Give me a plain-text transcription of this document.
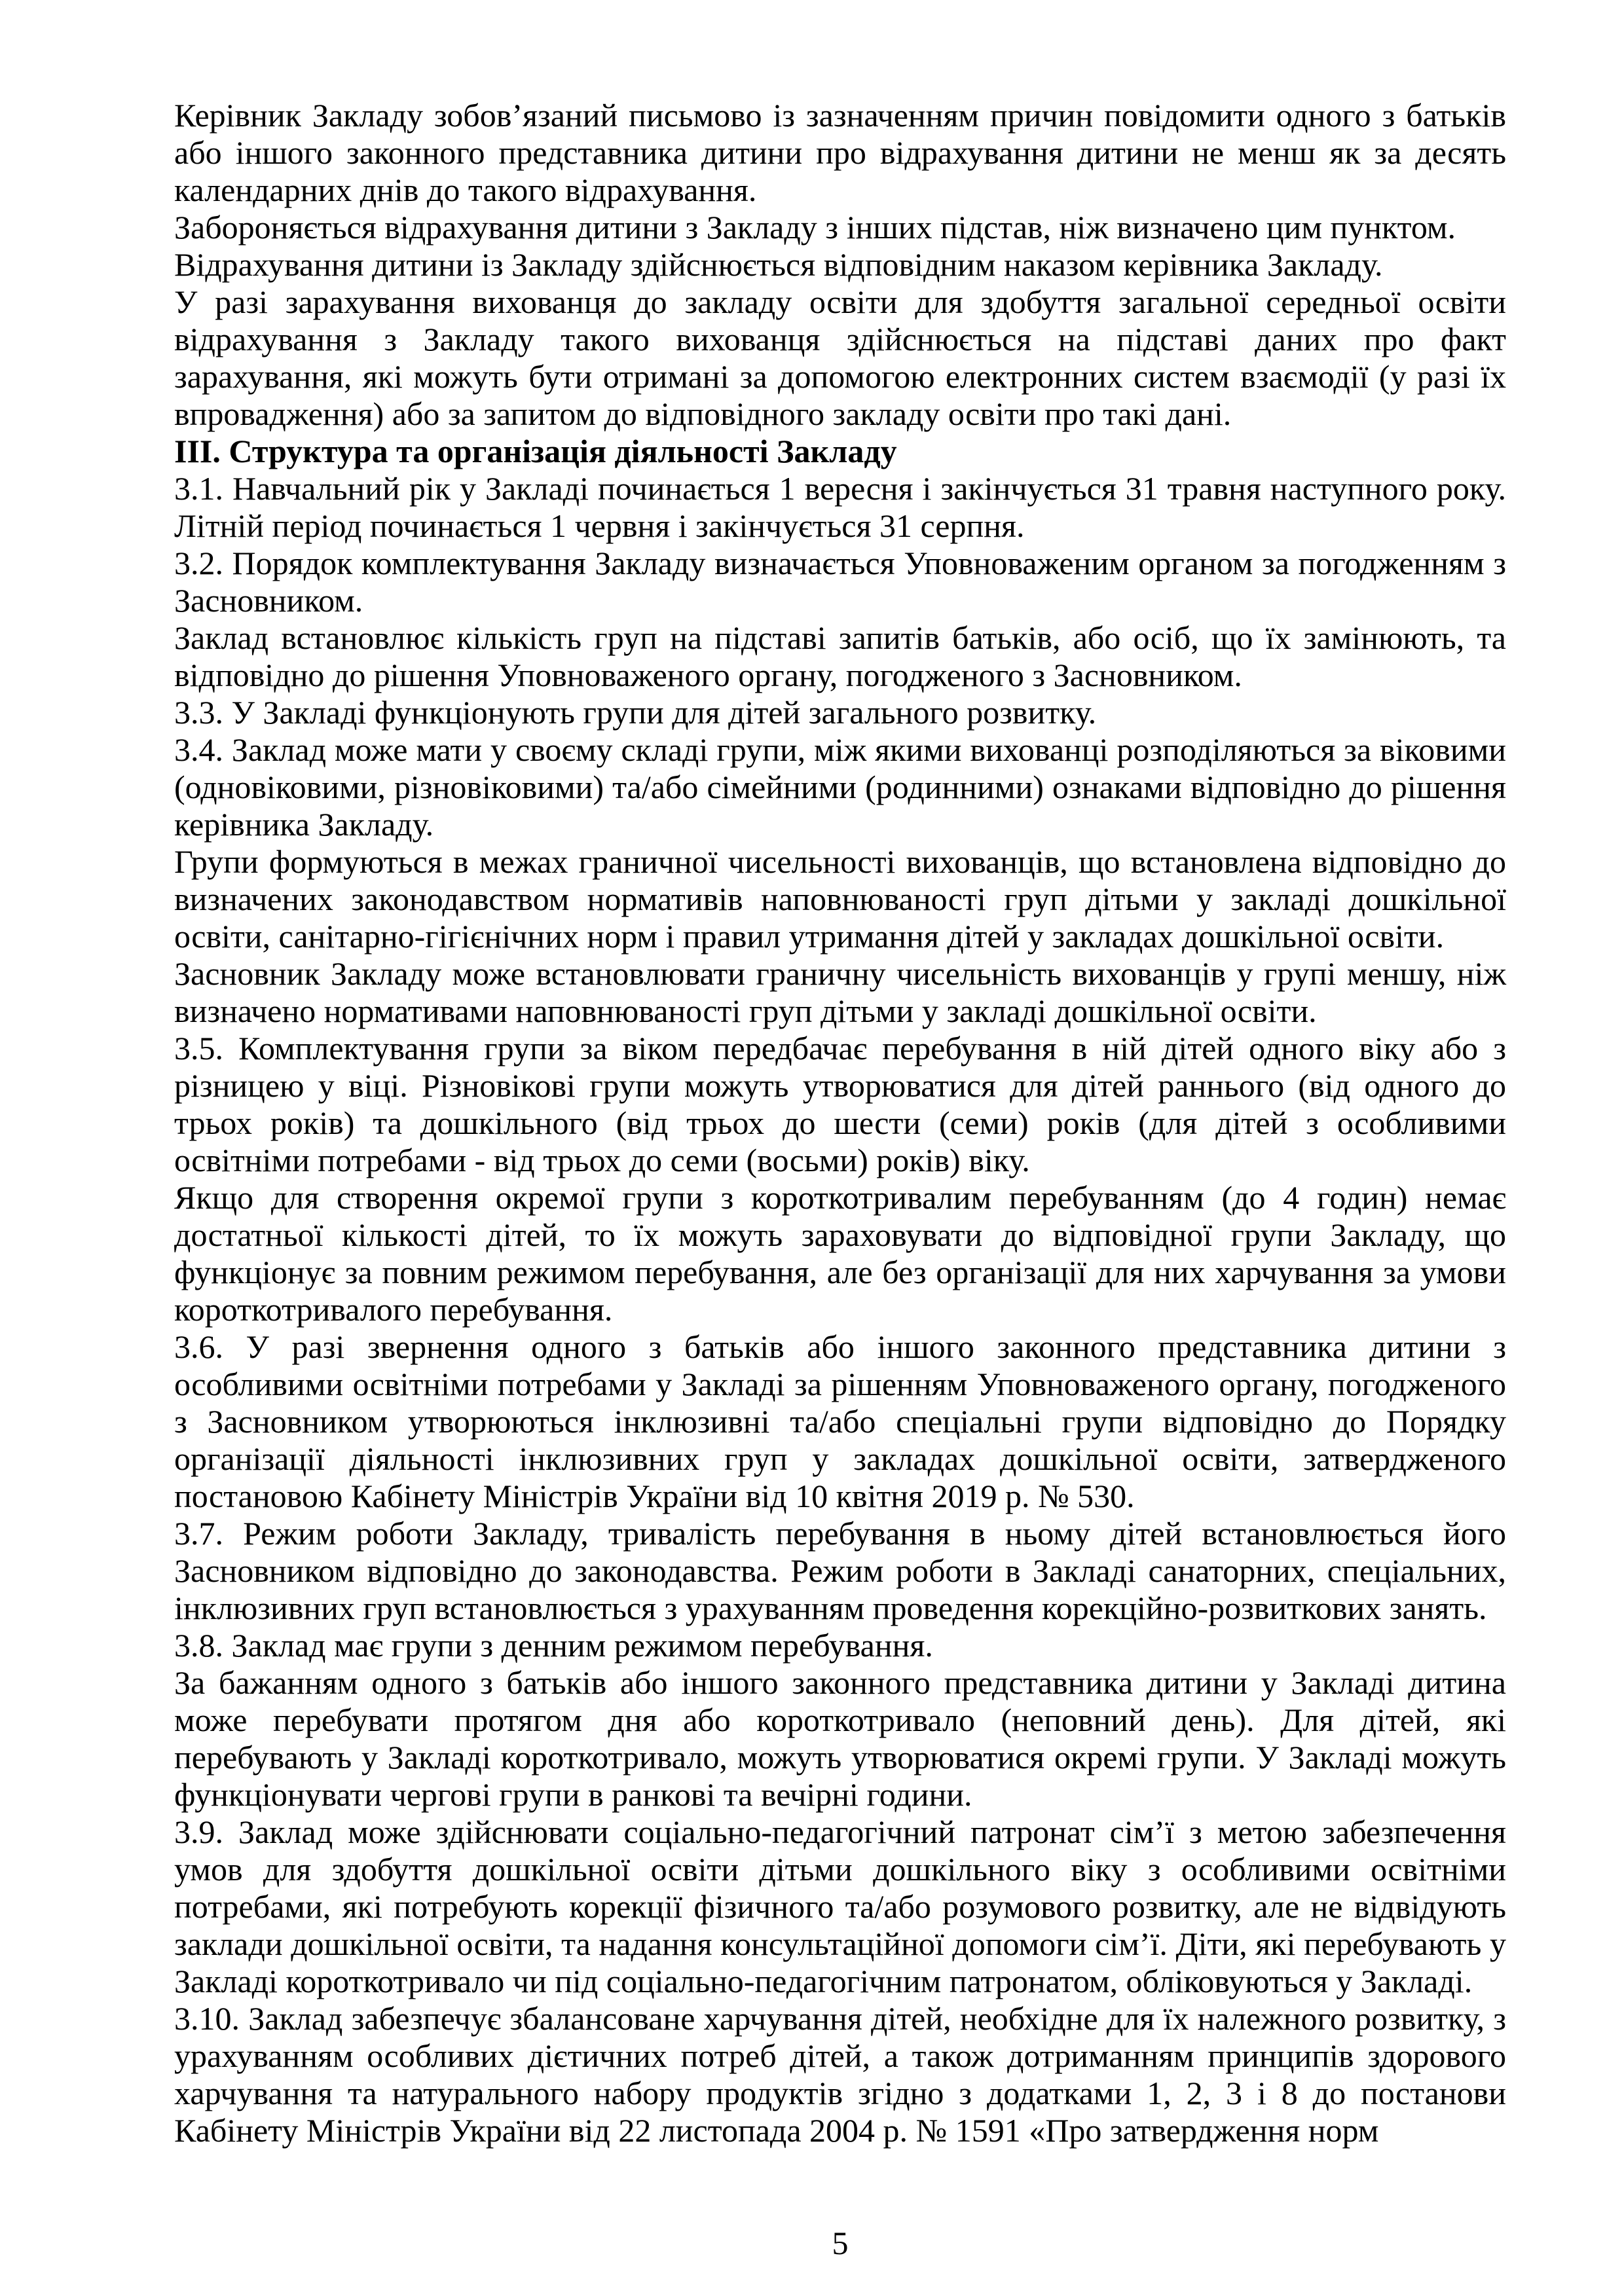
Керівник Закладу зобов’язаний письмово із зазначенням причин повідомити одного з батьків або іншого законного представника дитини про відрахування дитини не менш як за десять календарних днів до такого відрахування.

Забороняється відрахування дитини з Закладу з інших підстав, ніж визначено цим пунктом.

Відрахування дитини із Закладу здійснюється відповідним наказом керівника Закладу.

У разі зарахування вихованця до закладу освіти для здобуття загальної середньої освіти відрахування з Закладу такого вихованця здійснюється на підставі даних про факт зарахування, які можуть бути отримані за допомогою електронних систем взаємодії (у разі їх впровадження) або за запитом до відповідного закладу освіти про такі дані.

ІІІ. Структура та організація діяльності Закладу

3.1. Навчальний рік у Закладі починається 1 вересня і закінчується 31 травня наступного року. Літній період починається 1 червня і закінчується 31 серпня.

3.2. Порядок комплектування Закладу визначається Уповноваженим органом за погодженням з Засновником.

Заклад встановлює кількість груп на підставі запитів батьків, або осіб, що їх замінюють, та відповідно до рішення Уповноваженого органу, погодженого з Засновником.

3.3. У Закладі функціонують групи для дітей загального розвитку.

3.4. Заклад може мати у своєму складі групи, між якими вихованці розподіляються за віковими (одновіковими, різновіковими) та/або сімейними (родинними) ознаками відповідно до рішення керівника Закладу.

Групи формуються в межах граничної чисельності вихованців, що встановлена відповідно до визначених законодавством нормативів наповнюваності груп дітьми у закладі дошкільної освіти, санітарно-гігієнічних норм і правил утримання дітей у закладах дошкільної освіти.

Засновник Закладу може встановлювати граничну чисельність вихованців у групі меншу, ніж визначено нормативами наповнюваності груп дітьми у закладі дошкільної освіти.

3.5. Комплектування групи за віком передбачає перебування в ній дітей одного віку або з різницею у віці. Різновікові групи можуть утворюватися для дітей раннього (від одного до трьох років) та дошкільного (від трьох до шести (семи) років (для дітей з особливими освітніми потребами - від трьох до семи (восьми) років) віку.

Якщо для створення окремої групи з короткотривалим перебуванням (до 4 годин) немає достатньої кількості дітей, то їх можуть зараховувати до відповідної групи Закладу, що функціонує за повним режимом перебування, але без організації для них харчування за умови короткотривалого перебування.

3.6. У разі звернення одного з батьків або іншого законного представника дитини з особливими освітніми потребами у Закладі за рішенням Уповноваженого органу, погодженого з Засновником утворюються інклюзивні та/або спеціальні групи відповідно до Порядку організації діяльності інклюзивних груп у закладах дошкільної освіти, затвердженого постановою Кабінету Міністрів України від 10 квітня 2019 р. № 530.

3.7. Режим роботи Закладу, тривалість перебування в ньому дітей встановлюється його Засновником відповідно до законодавства. Режим роботи в Закладі санаторних, спеціальних, інклюзивних груп встановлюється з урахуванням проведення корекційно-розвиткових занять.

3.8. Заклад має групи з денним режимом перебування.

За бажанням одного з батьків або іншого законного представника дитини у Закладі дитина може перебувати протягом дня або короткотривало (неповний день). Для дітей, які перебувають у Закладі короткотривало, можуть утворюватися окремі групи. У Закладі можуть функціонувати чергові групи в ранкові та вечірні години.

3.9. Заклад може здійснювати соціально-педагогічний патронат сім’ї з метою забезпечення умов для здобуття дошкільної освіти дітьми дошкільного віку з особливими освітніми потребами, які потребують корекції фізичного та/або розумового розвитку, але не відвідують заклади дошкільної освіти, та надання консультаційної допомоги сім’ї. Діти, які перебувають у Закладі короткотривало чи під соціально-педагогічним патронатом, обліковуються у Закладі.

3.10. Заклад забезпечує збалансоване харчування дітей, необхідне для їх належного розвитку, з урахуванням особливих дієтичних потреб дітей, а також дотриманням принципів здорового харчування та натурального набору продуктів згідно з додатками 1, 2, 3 і 8 до постанови Кабінету Міністрів України від 22 листопада 2004 р. № 1591 «Про затвердження норм

5
